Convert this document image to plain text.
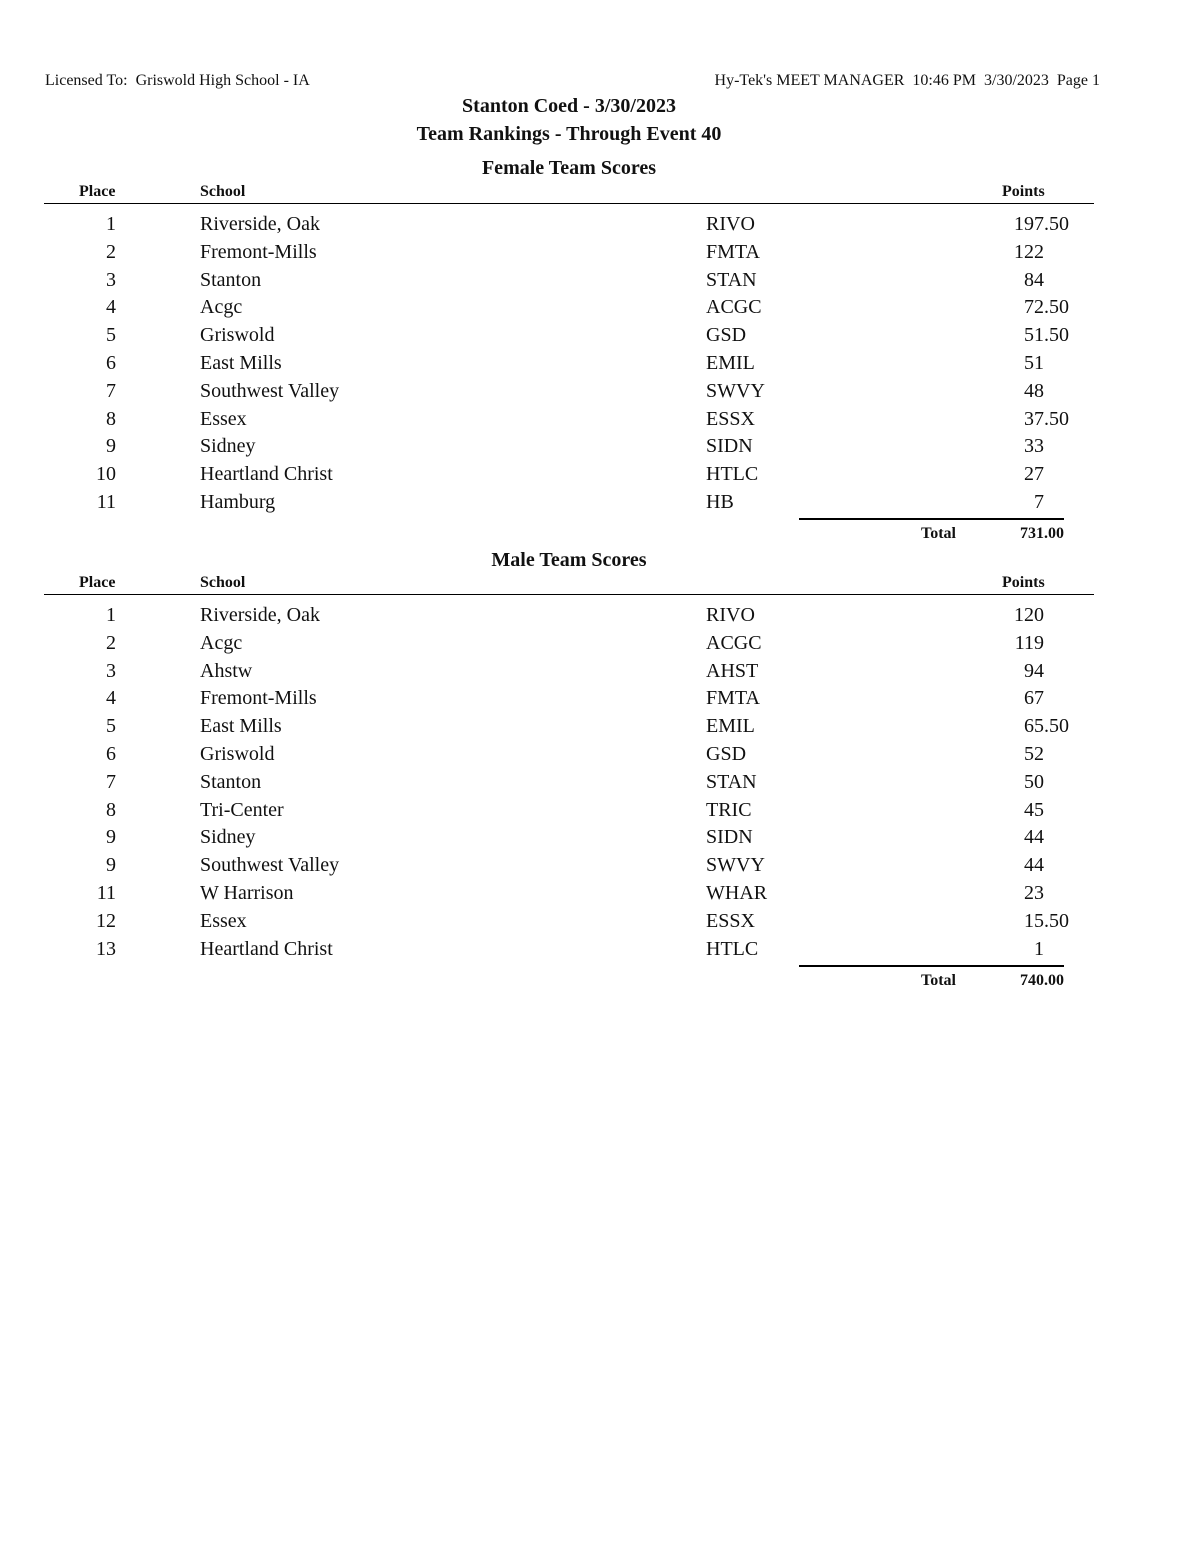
Licensed To:  Griswold High School - IA	Hy-Tek's MEET MANAGER  10:46 PM  3/30/2023  Page 1
Stanton Coed - 3/30/2023
Team Rankings - Through Event 40
Female Team Scores
Place	School	Points
1	Riverside, Oak	RIVO	197 .50
2	Fremont-Mills	FMTA	122
3	Stanton	STAN	84
4	Acgc	ACGC	72 .50
5	Griswold	GSD	51 .50
6	East Mills	EMIL	51
7	Southwest Valley	SWVY	48
8	Essex	ESSX	37 .50
9	Sidney	SIDN	33
10	Heartland Christ	HTLC	27
11	Hamburg	HB	7
Total	731.00
Male Team Scores
Place	School	Points
1	Riverside, Oak	RIVO	120
2	Acgc	ACGC	119
3	Ahstw	AHST	94
4	Fremont-Mills	FMTA	67
5	East Mills	EMIL	65 .50
6	Griswold	GSD	52
7	Stanton	STAN	50
8	Tri-Center	TRIC	45
9	Sidney	SIDN	44
9	Southwest Valley	SWVY	44
11	W Harrison	WHAR	23
12	Essex	ESSX	15 .50
13	Heartland Christ	HTLC	1
Total	740.00
